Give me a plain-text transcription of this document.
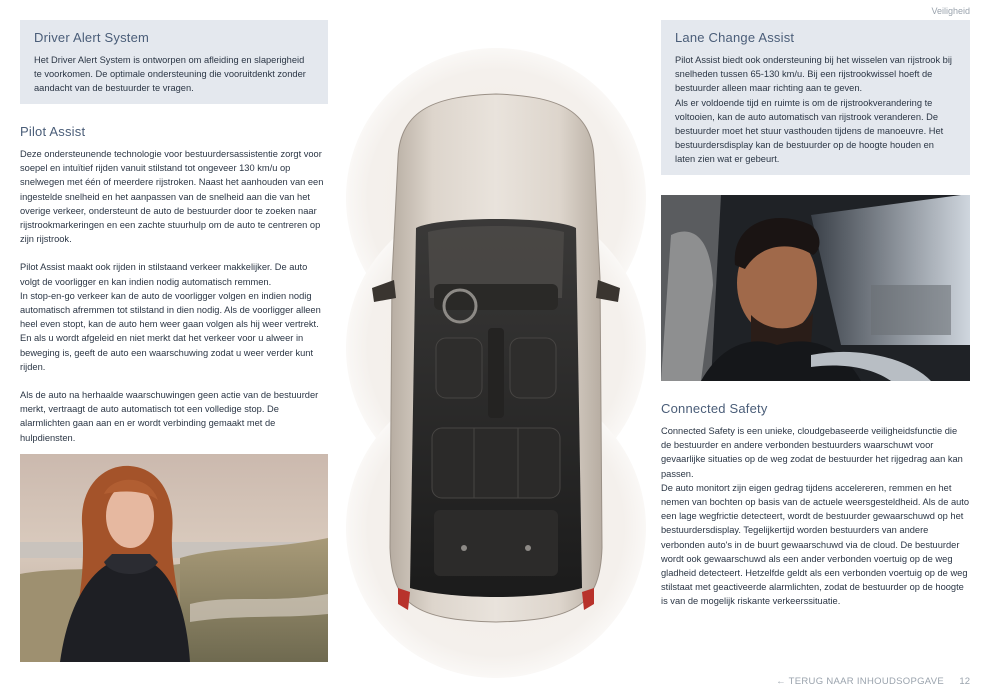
Veiligheid
Driver Alert System

Het Driver Alert System is ontworpen om afleiding en slaperigheid te voorkomen. De optimale ondersteuning die vooruitdenkt zonder aandacht van de bestuurder te vragen.

Pilot Assist

Deze ondersteunende technologie voor bestuurdersassistentie zorgt voor soepel en intuïtief rijden vanuit stilstand tot ongeveer 130 km/u op snelwegen met één of meerdere rijstroken. Naast het aanhouden van een ingestelde snelheid en het aanpassen van de snelheid aan die van het overige verkeer, ondersteunt de auto de bestuurder door te zoeken naar rijstrookmarkeringen en een zachte stuurhulp om de auto te centreren op zijn rijstrook.

Pilot Assist maakt ook rijden in stilstaand verkeer makkelijker. De auto volgt de voorligger en kan indien nodig automatisch remmen.
In stop-en-go verkeer kan de auto de voorligger volgen en indien nodig automatisch afremmen tot stilstand in dien nodig. Als de voorligger alleen heel even stopt, kan de auto hem weer gaan volgen als hij weer vertrekt. En als u wordt afgeleid en niet merkt dat het verkeer voor u alweer in beweging is, geeft de auto een waarschuwing zodat u weer verder kunt rijden.

Als de auto na herhaalde waarschuwingen geen actie van de bestuurder merkt, vertraagt de auto automatisch tot een volledige stop. De alarmlichten gaan aan en er wordt verbinding gemaakt met de hulpdiensten.

Lane Change Assist

Pilot Assist biedt ook ondersteuning bij het wisselen van rijstrook bij snelheden tussen 65-130 km/u. Bij een rijstrookwissel hoeft de bestuurder alleen maar richting aan te geven.
Als er voldoende tijd en ruimte is om de rijstrookverandering te voltooien, kan de auto automatisch van rijstrook veranderen. De bestuurder moet het stuur vasthouden tijdens de manoeuvre. Het bestuurdersdisplay kan de bestuurder op de hoogte houden en laten zien wat er gebeurt.

Connected Safety

Connected Safety is een unieke, cloudgebaseerde veiligheidsfunctie die de bestuurder en andere verbonden bestuurders waarschuwt voor gevaarlijke situaties op de weg zodat de bestuurder het rijgedrag aan kan passen.
De auto monitort zijn eigen gedrag tijdens accelereren, remmen en het nemen van bochten op basis van de actuele weersgesteldheid. Als de auto een lage wegfrictie detecteert, wordt de bestuurder gewaarschuwd op het bestuurdersdisplay. Tegelijkertijd worden bestuurders van andere verbonden auto's in de buurt gewaarschuwd via de cloud. De bestuurder wordt ook gewaarschuwd als een ander verbonden voertuig op de weg gladheid detecteert. Hetzelfde geldt als een verbonden voertuig op de weg stilstaat met geactiveerde alarmlichten, zodat de bestuurder op de hoogte is van de mogelijk riskante verkeerssituatie.

← TERUG NAAR INHOUDSOPGAVE 12
